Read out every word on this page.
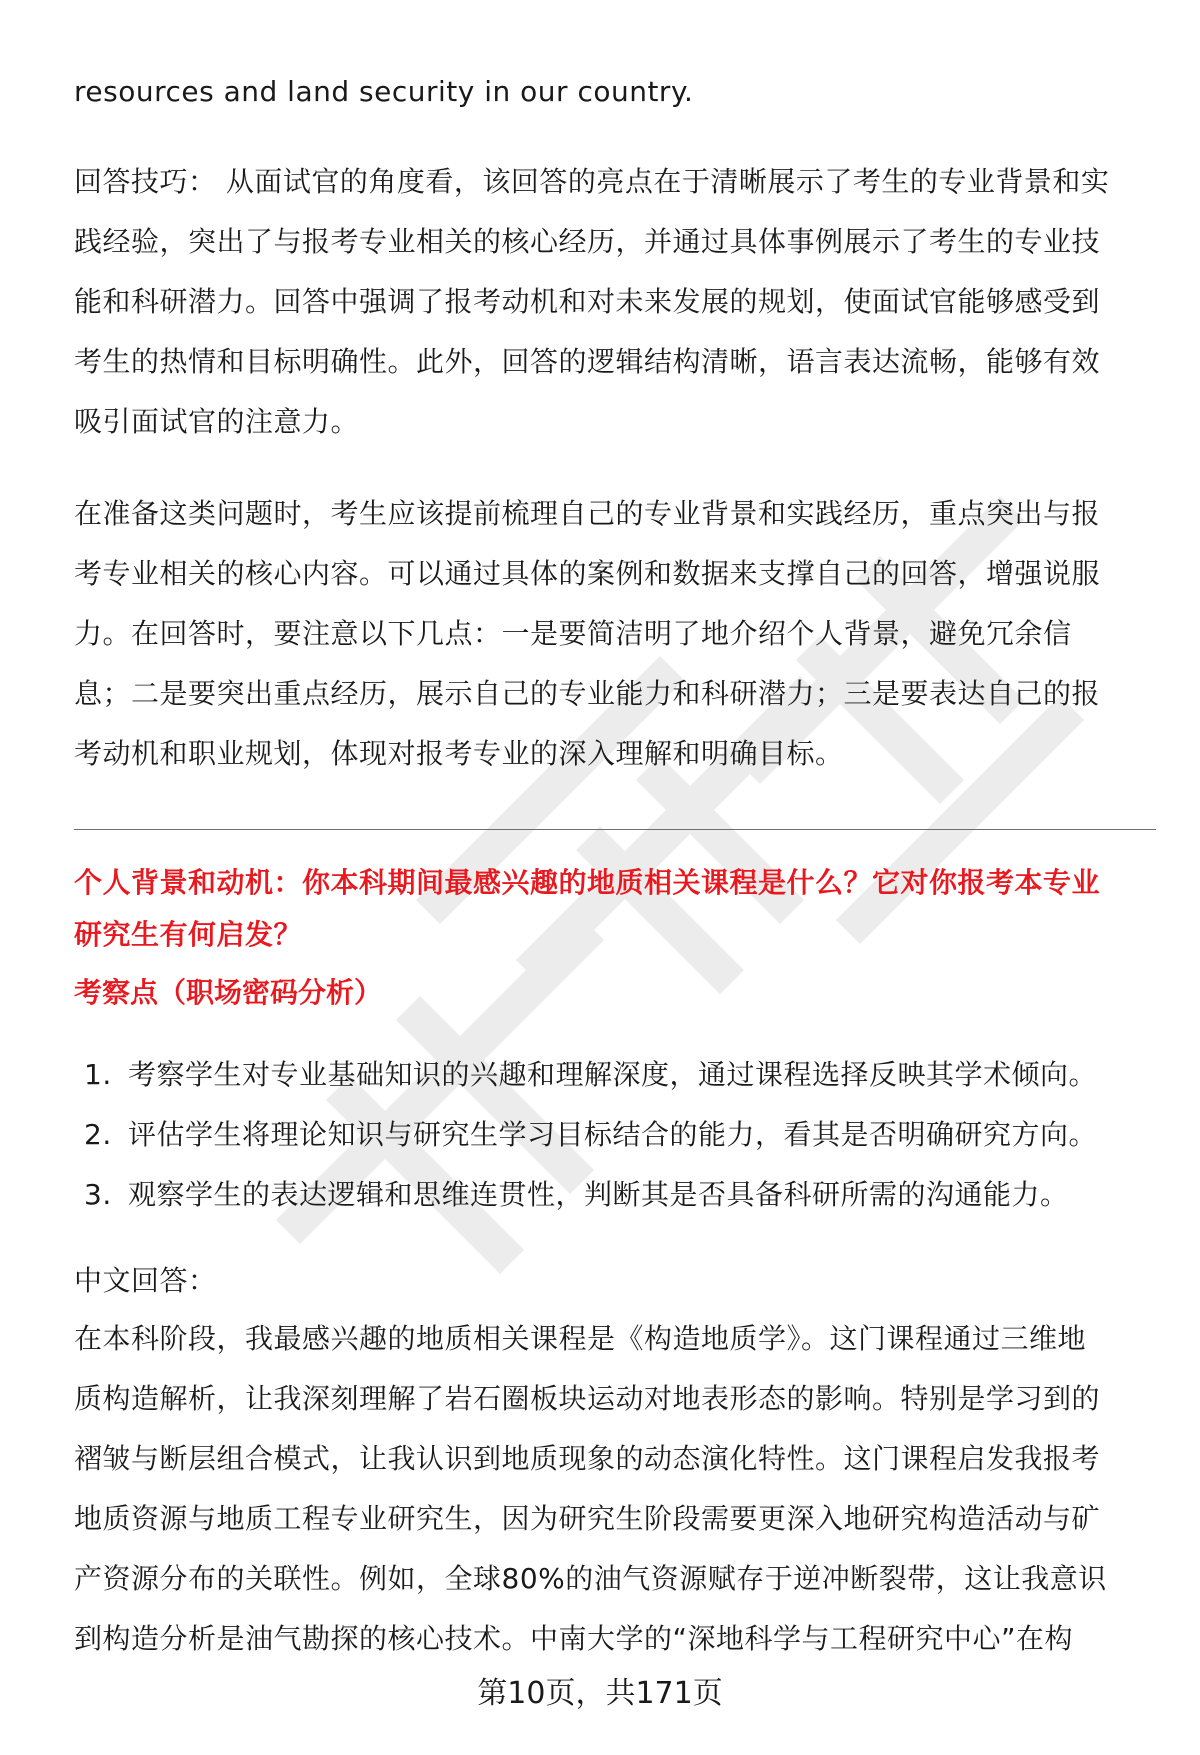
resources and land security in our country.
回答技巧： 从面试官的角度看，该回答的亮点在于清晰展示了考生的专业背景和实
践经验，突出了与报考专业相关的核心经历，并通过具体事例展示了考生的专业技
能和科研潜力。回答中强调了报考动机和对未来发展的规划，使面试官能够感受到
考生的热情和目标明确性。此外，回答的逻辑结构清晰，语言表达流畅，能够有效
吸引面试官的注意力。
在准备这类问题时，考生应该提前梳理自己的专业背景和实践经历，重点突出与报
考专业相关的核心内容。可以通过具体的案例和数据来支撑自己的回答，增强说服
力。在回答时，要注意以下几点：一是要简洁明了地介绍个人背景，避免冗余信
息；二是要突出重点经历，展示自己的专业能力和科研潜力；三是要表达自己的报
考动机和职业规划，体现对报考专业的深入理解和明确目标。
个人背景和动机：你本科期间最感兴趣的地质相关课程是什么？它对你报考本专业
研究生有何启发？
考察点（职场密码分析）
1. 考察学生对专业基础知识的兴趣和理解深度，通过课程选择反映其学术倾向。
2. 评估学生将理论知识与研究生学习目标结合的能力，看其是否明确研究方向。
3. 观察学生的表达逻辑和思维连贯性，判断其是否具备科研所需的沟通能力。
中文回答：
在本科阶段，我最感兴趣的地质相关课程是《构造地质学》。这门课程通过三维地
质构造解析，让我深刻理解了岩石圈板块运动对地表形态的影响。特别是学习到的
褶皱与断层组合模式，让我认识到地质现象的动态演化特性。这门课程启发我报考
地质资源与地质工程专业研究生，因为研究生阶段需要更深入地研究构造活动与矿
产资源分布的关联性。例如，全球80%的油气资源赋存于逆冲断裂带，这让我意识
到构造分析是油气勘探的核心技术。中南大学的“深地科学与工程研究中心”在构
第10页，共171页
